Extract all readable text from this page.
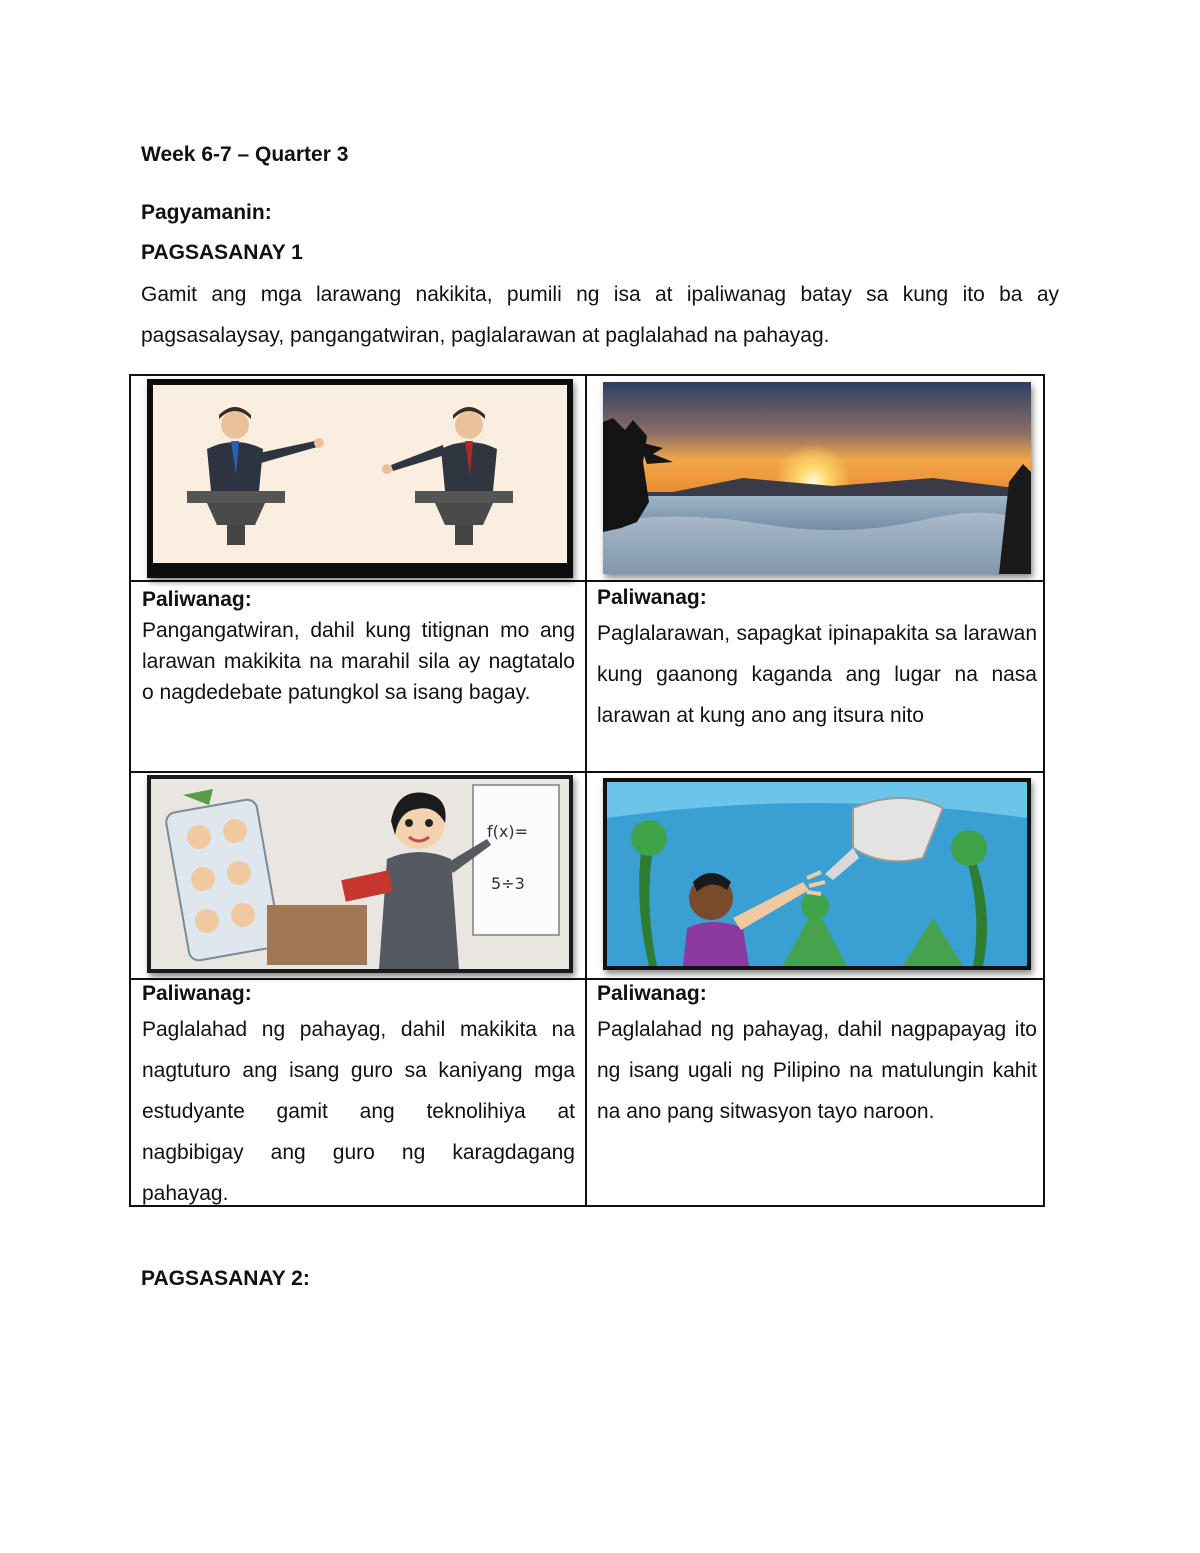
Week 6-7 – Quarter 3

Pagyamanin:

PAGSASANAY 1

Gamit ang mga larawang nakikita, pumili ng isa at ipaliwanag batay sa kung ito ba ay pagsasalaysay, pangangatwiran, paglalarawan at paglalahad na pahayag.

f(x)=
5÷3

Paliwanag:
Pangangatwiran, dahil kung titignan mo ang larawan makikita na marahil sila ay nagtatalo o nagdedebate patungkol sa isang bagay.

Paliwanag:
Paglalarawan, sapagkat ipinapakita sa larawan kung gaanong kaganda ang lugar na nasa larawan at kung ano ang itsura nito

Paliwanag:
Paglalahad ng pahayag, dahil makikita na nagtuturo ang isang guro sa kaniyang mga estudyante gamit ang teknolihiya at nagbibigay ang guro ng karagdagang pahayag.

Paliwanag:
Paglalahad ng pahayag, dahil nagpapayag ito ng isang ugali ng Pilipino na matulungin kahit na ano pang sitwasyon tayo naroon.

PAGSASANAY 2:
